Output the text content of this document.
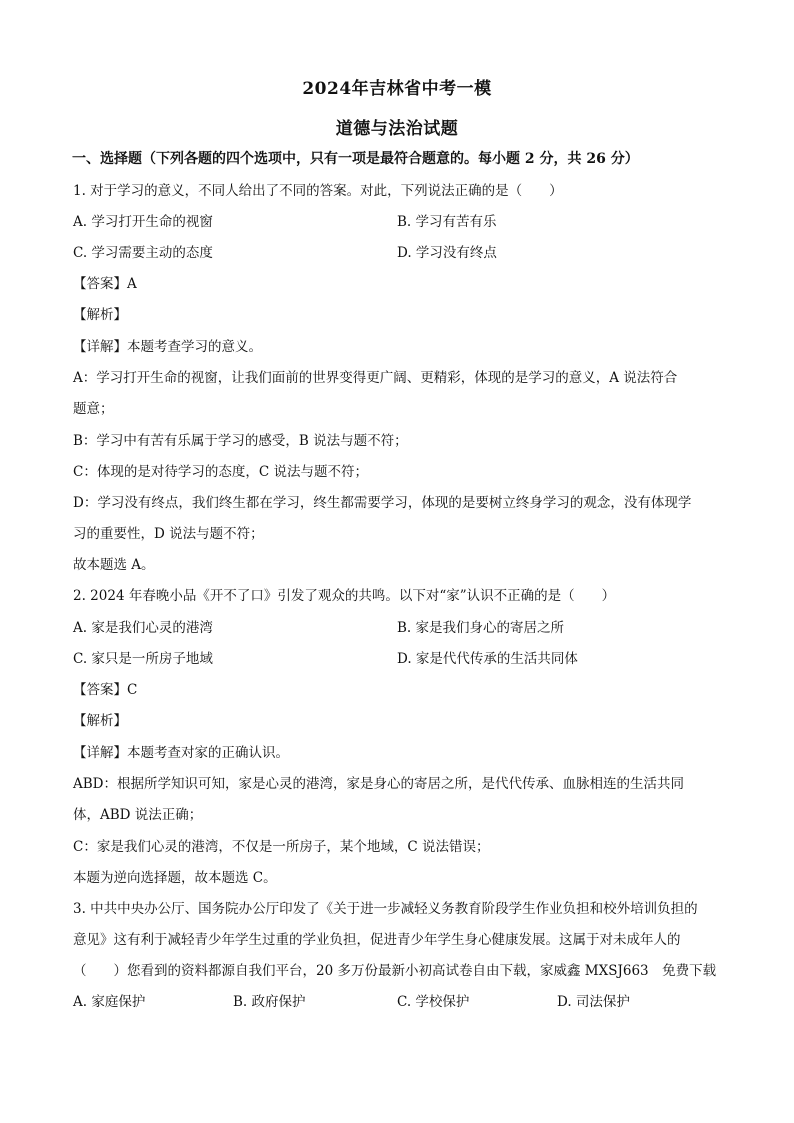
2024年吉林省中考一模
道德与法治试题
一、选择题（下列各题的四个选项中，只有一项是最符合题意的。每小题 2 分，共 26 分）
1. 对于学习的意义，不同人给出了不同的答案。对此，下列说法正确的是（　　）
A. 学习打开生命的视窗	B. 学习有苦有乐
C. 学习需要主动的态度	D. 学习没有终点
【答案】A
【解析】
【详解】本题考查学习的意义。
A：学习打开生命的视窗，让我们面前的世界变得更广阔、更精彩，体现的是学习的意义，A 说法符合
题意；
B：学习中有苦有乐属于学习的感受，B 说法与题不符；
C：体现的是对待学习的态度，C 说法与题不符；
D：学习没有终点，我们终生都在学习，终生都需要学习，体现的是要树立终身学习的观念，没有体现学
习的重要性，D 说法与题不符；
故本题选 A。
2. 2024 年春晚小品《开不了口》引发了观众的共鸣。以下对“家”认识不正确的是（　　）
A. 家是我们心灵的港湾	B. 家是我们身心的寄居之所
C. 家只是一所房子地域	D. 家是代代传承的生活共同体
【答案】C
【解析】
【详解】本题考查对家的正确认识。
ABD：根据所学知识可知，家是心灵的港湾，家是身心的寄居之所，是代代传承、血脉相连的生活共同
体，ABD 说法正确；
C：家是我们心灵的港湾，不仅是一所房子，某个地域，C 说法错误；
本题为逆向选择题，故本题选 C。
3. 中共中央办公厅、国务院办公厅印发了《关于进一步减轻义务教育阶段学生作业负担和校外培训负担的
意见》这有利于减轻青少年学生过重的学业负担，促进青少年学生身心健康发展。这属于对未成年人的
（　　）您看到的资料都源自我们平台，20 多万份最新小初高试卷自由下载，家威鑫 MXSJ663　免费下载
A. 家庭保护	B. 政府保护	C. 学校保护	D. 司法保护
